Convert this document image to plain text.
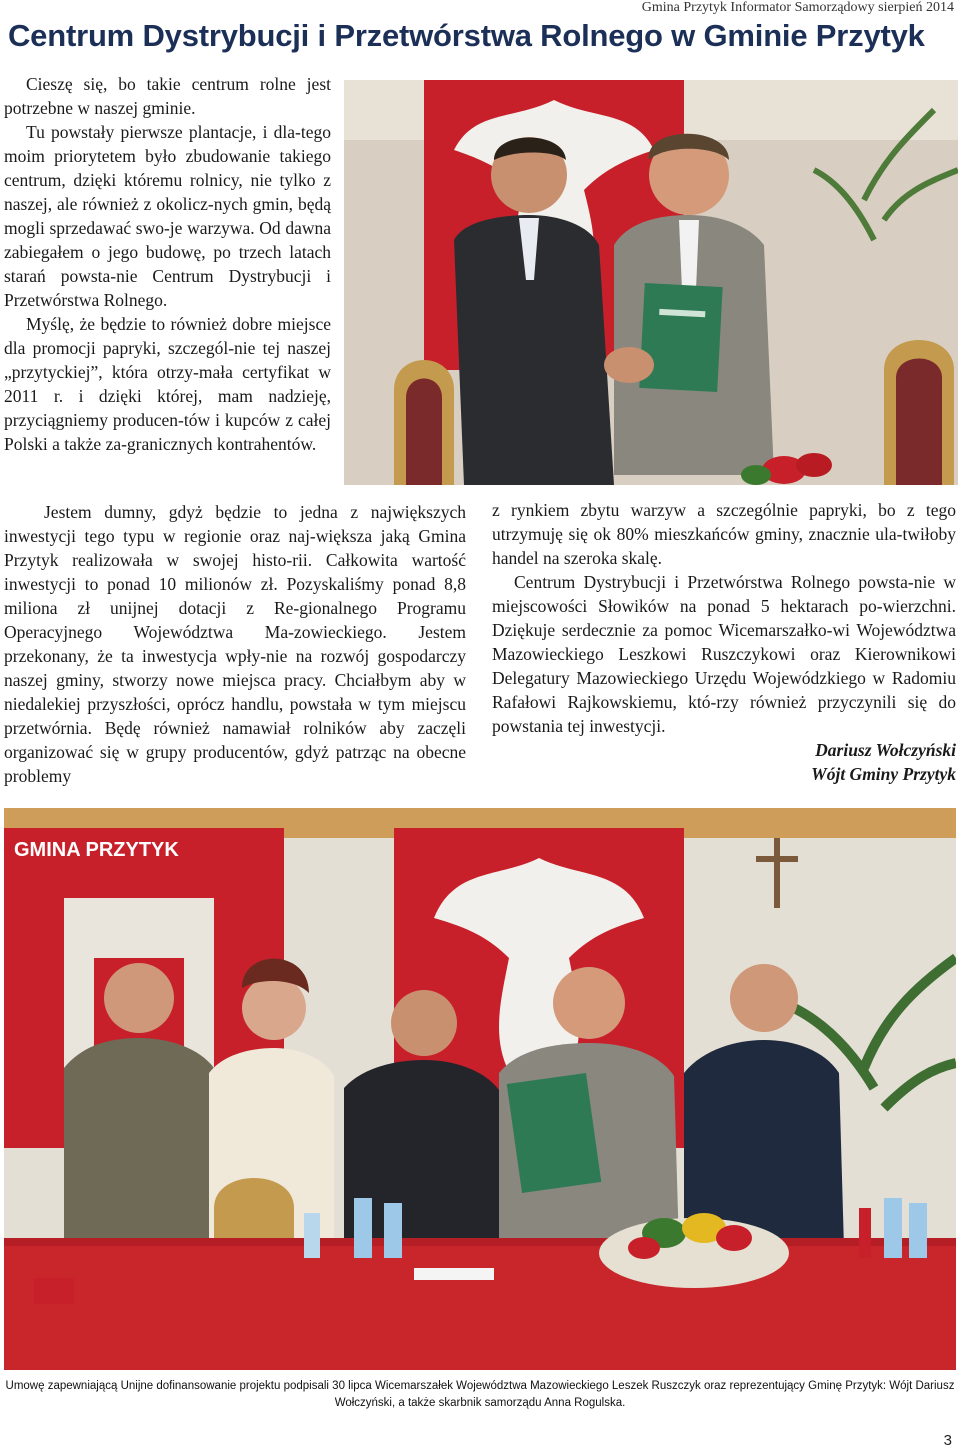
Gmina Przytyk Informator Samorządowy sierpień 2014
Centrum Dystrybucji i Przetwórstwa Rolnego w Gminie Przytyk

Cieszę się, bo takie centrum rolne jest potrzebne w naszej gminie.

Tu powstały pierwsze plantacje, i dla-tego moim priorytetem było zbudowanie takiego centrum, dzięki któremu rolnicy, nie tylko z naszej, ale również z okolicz-nych gmin, będą mogli sprzedawać swo-je warzywa. Od dawna zabiegałem o jego budowę, po trzech latach starań powsta-nie Centrum Dystrybucji i Przetwórstwa Rolnego.

Myślę, że będzie to również dobre miejsce dla promocji papryki, szczegól-nie tej naszej „przytyckiej”, która otrzy-mała certyfikat w 2011 r. i dzięki której, mam nadzieję, przyciągniemy producen-tów i kupców z całej Polski a także za-granicznych kontrahentów.

Jestem dumny, gdyż będzie to jedna z największych inwestycji tego typu w regionie oraz naj-większa jaką Gmina Przytyk realizowała w swojej histo-rii. Całkowita wartość inwestycji to ponad 10 milionów zł. Pozyskaliśmy ponad 8,8 miliona zł unijnej dotacji z Re-gionalnego Programu Operacyjnego Województwa Ma-zowieckiego. Jestem przekonany, że ta inwestycja wpły-nie na rozwój gospodarczy naszej gminy, stworzy nowe miejsca pracy. Chciałbym aby w niedalekiej przyszłości, oprócz handlu, powstała w tym miejscu przetwórnia. Będę również namawiał rolników aby zaczęli organizować się w grupy producentów, gdyż patrząc na obecne problemy

z rynkiem zbytu warzyw a szczególnie papryki, bo z tego utrzymuję się ok 80% mieszkańców gminy, znacznie ula-twiłoby handel na szeroka skalę.

Centrum Dystrybucji i Przetwórstwa Rolnego powsta-nie w miejscowości Słowików na ponad 5 hektarach po-wierzchni. Dziękuje serdecznie za pomoc Wicemarszałko-wi Województwa Mazowieckiego Leszkowi Ruszczykowi oraz Kierownikowi Delegatury Mazowieckiego Urzędu Wojewódzkiego w Radomiu Rafałowi Rajkowskiemu, któ-rzy również przyczynili się do powstania tej inwestycji.

Dariusz Wołczyński

Wójt Gminy Przytyk

GMINA PRZYTYK

Umowę zapewniającą Unijne dofinansowanie projektu podpisali 30 lipca Wicemarszałek Województwa Mazowieckiego Leszek Ruszczyk oraz reprezentujący Gminę Przytyk: Wójt Dariusz Wołczyński, a także skarbnik samorządu Anna Rogulska.

3
